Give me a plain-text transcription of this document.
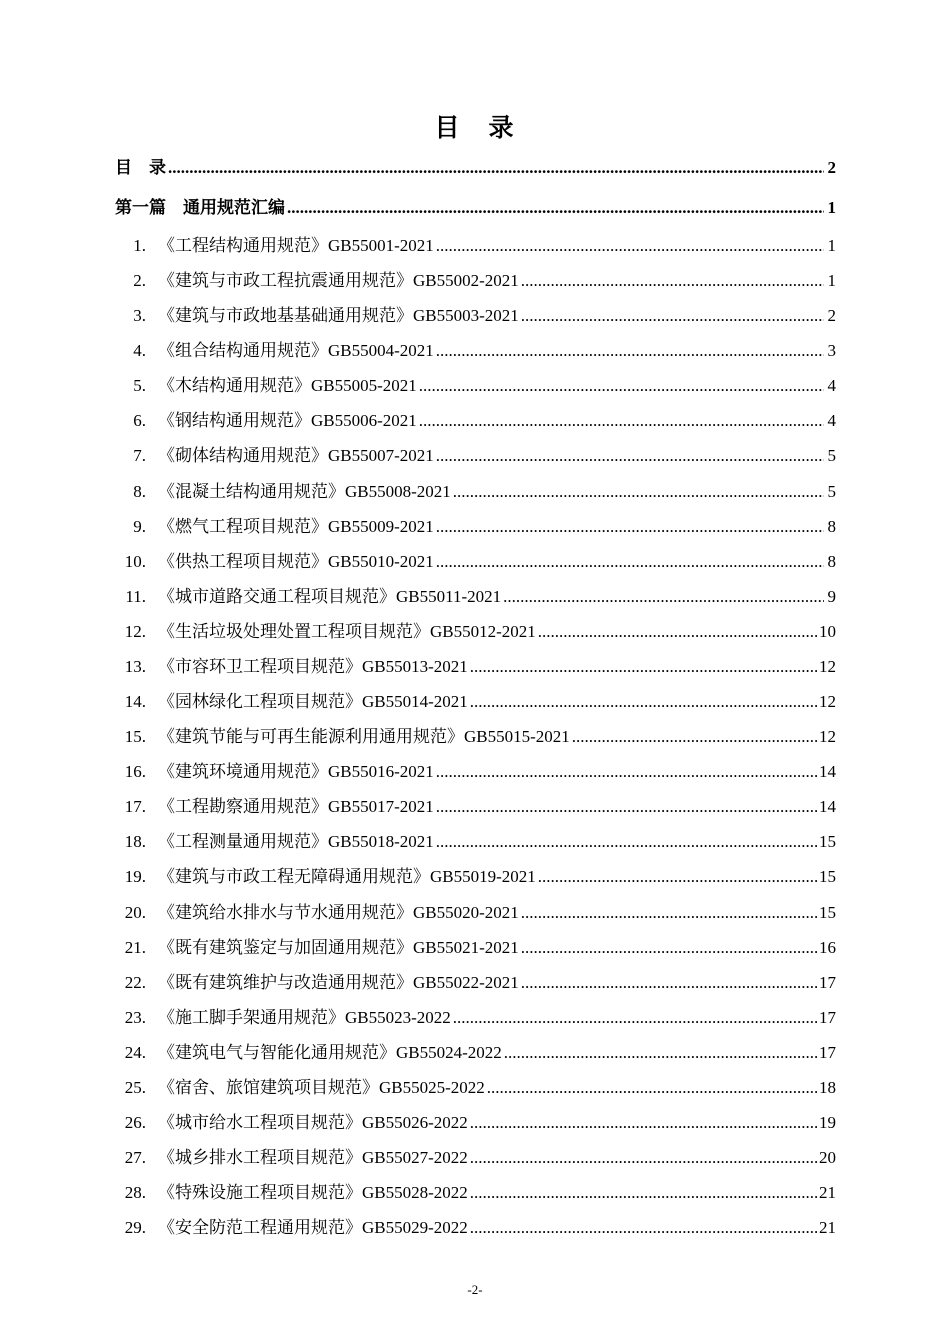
目　录
目　录 .....	2
第一篇　通用规范汇编 .....	1
1. 《工程结构通用规范》 GB55001-2021 .....	1
2. 《建筑与市政工程抗震通用规范》 GB55002-2021 .....	1
3. 《建筑与市政地基基础通用规范》 GB55003-2021 .....	2
4. 《组合结构通用规范》 GB55004-2021 .....	3
5. 《木结构通用规范》 GB55005-2021 .....	4
6. 《钢结构通用规范》 GB55006-2021 .....	4
7. 《砌体结构通用规范》 GB55007-2021 .....	5
8. 《混凝土结构通用规范》 GB55008-2021 .....	5
9. 《燃气工程项目规范》 GB55009-2021 .....	8
10. 《供热工程项目规范》 GB55010-2021 .....	8
11. 《城市道路交通工程项目规范》 GB55011-2021 .....	9
12. 《生活垃圾处理处置工程项目规范》 GB55012-2021 .....	10
13. 《市容环卫工程项目规范》 GB55013-2021 .....	12
14. 《园林绿化工程项目规范》 GB55014-2021 .....	12
15. 《建筑节能与可再生能源利用通用规范》 GB55015-2021 .....	12
16. 《建筑环境通用规范》 GB55016-2021 .....	14
17. 《工程勘察通用规范》 GB55017-2021 .....	14
18. 《工程测量通用规范》 GB55018-2021 .....	15
19. 《建筑与市政工程无障碍通用规范》 GB55019-2021 .....	15
20. 《建筑给水排水与节水通用规范》 GB55020-2021 .....	15
21. 《既有建筑鉴定与加固通用规范》 GB55021-2021 .....	16
22. 《既有建筑维护与改造通用规范》 GB55022-2021 .....	17
23. 《施工脚手架通用规范》 GB55023-2022 .....	17
24. 《建筑电气与智能化通用规范》 GB55024-2022 .....	17
25. 《宿舍、旅馆建筑项目规范》 GB55025-2022 .....	18
26. 《城市给水工程项目规范》 GB55026-2022 .....	19
27. 《城乡排水工程项目规范》 GB55027-2022 .....	20
28. 《特殊设施工程项目规范》 GB55028-2022 .....	21
29. 《安全防范工程通用规范》 GB55029-2022 .....	21
-2-
